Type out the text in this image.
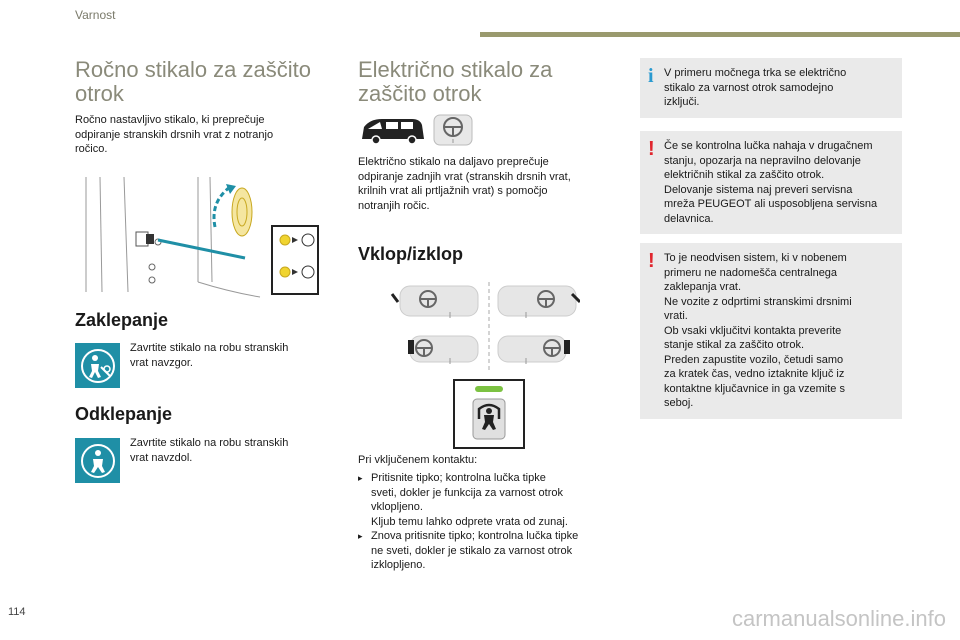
Varnost
Ročno stikalo za zaščito
otrok
Ročno nastavljivo stikalo, ki preprečuje
odpiranje stranskih drsnih vrat z notranjo
ročico.
Zaklepanje
Zavrtite stikalo na robu stranskih
vrat navzgor.
Odklepanje
Zavrtite stikalo na robu stranskih
vrat navzdol.
Električno stikalo za
zaščito otrok
Električno stikalo na daljavo preprečuje
odpiranje zadnjih vrat (stranskih drsnih vrat,
krilnih vrat ali prtljažnih vrat) s pomočjo
notranjih ročic.
Vklop/izklop
Pri vključenem kontaktu:
▸ Pritisnite tipko; kontrolna lučka tipke
sveti, dokler je funkcija za varnost otrok
vklopljeno.
Kljub temu lahko odprete vrata od zunaj.
▸ Znova pritisnite tipko; kontrolna lučka tipke
ne sveti, dokler je stikalo za varnost otrok
izklopljeno.
i V primeru močnega trka se električno
stikalo za varnost otrok samodejno
izključi.
! Če se kontrolna lučka nahaja v drugačnem
stanju, opozarja na nepravilno delovanje
električnih stikal za zaščito otrok.
Delovanje sistema naj preveri servisna
mreža PEUGEOT ali usposobljena servisna
delavnica.
! To je neodvisen sistem, ki v nobenem
primeru ne nadomešča centralnega
zaklepanja vrat.
Ne vozite z odprtimi stranskimi drsnimi
vrati.
Ob vsaki vključitvi kontakta preverite
stanje stikal za zaščito otrok.
Preden zapustite vozilo, četudi samo
za kratek čas, vedno iztaknite ključ iz
kontaktne ključavnice in ga vzemite s
seboj.
114	carmanualsonline.info
